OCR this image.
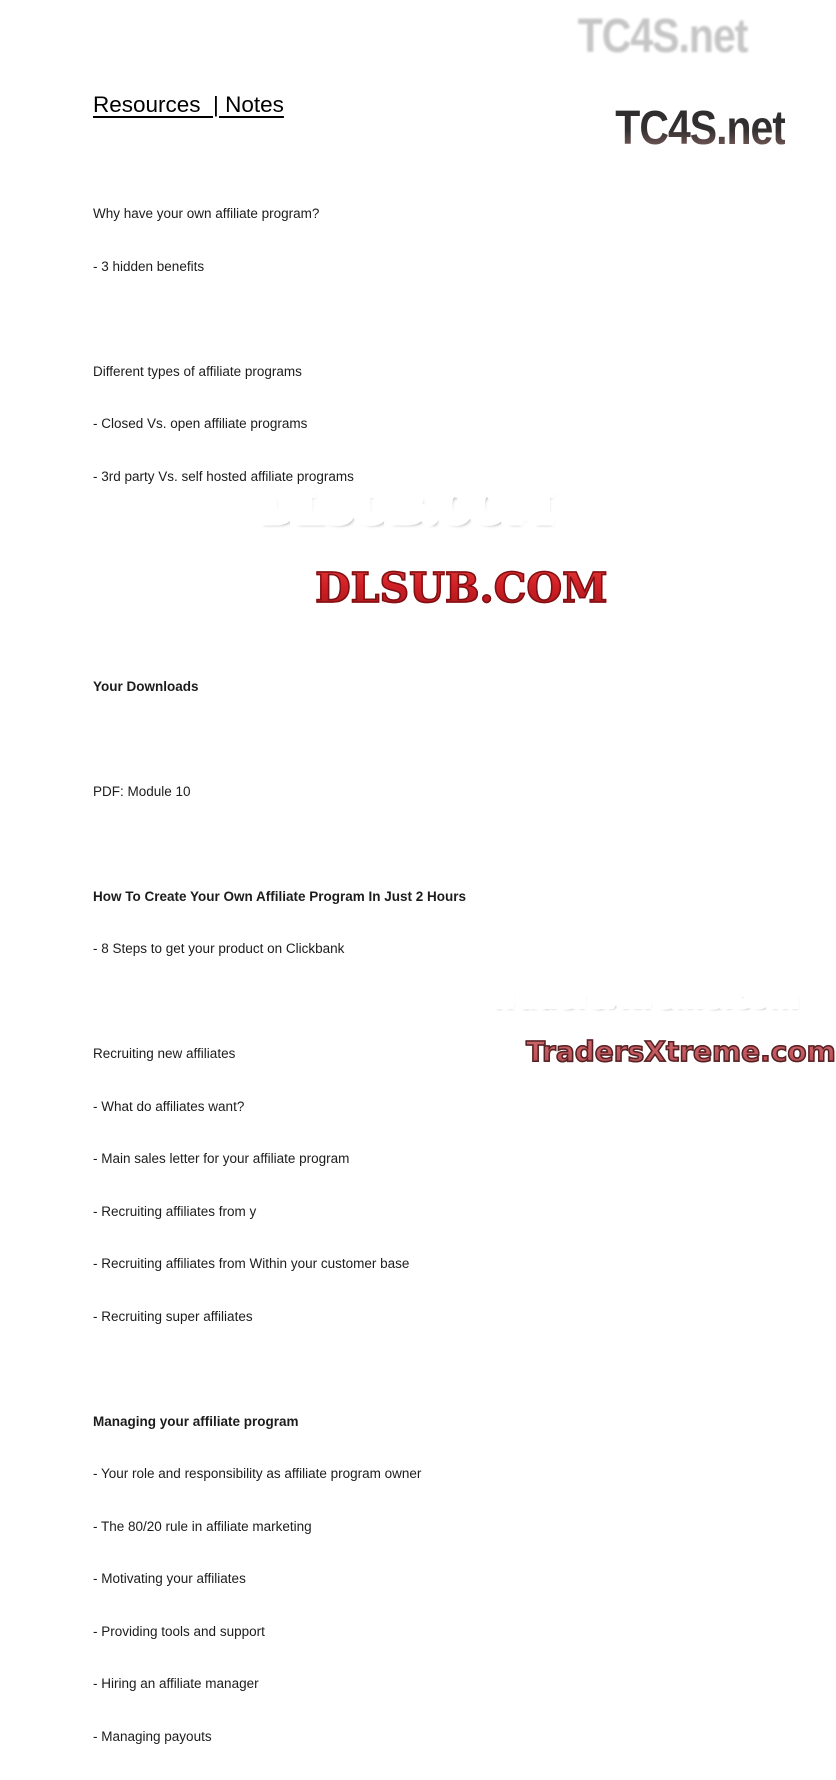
TC4S.net

TC4S.net

Resources  | Notes

Why have your own affiliate program?

- 3 hidden benefits

Different types of affiliate programs

- Closed Vs. open affiliate programs

- 3rd party Vs. self hosted affiliate programs

Your Downloads

PDF: Module 10

How To Create Your Own Affiliate Program In Just 2 Hours

- 8 Steps to get your product on Clickbank

Recruiting new affiliates

- What do affiliates want?

- Main sales letter for your affiliate program

- Recruiting affiliates from y

- Recruiting affiliates from Within your customer base

- Recruiting super affiliates

Managing your affiliate program

- Your role and responsibility as affiliate program owner

- The 80/20 rule in affiliate marketing

- Motivating your affiliates

- Providing tools and support

- Hiring an affiliate manager

- Managing payouts

DLSUB.COM

DLSUB.COM

TradersXtreme.com

TradersXtreme.com
